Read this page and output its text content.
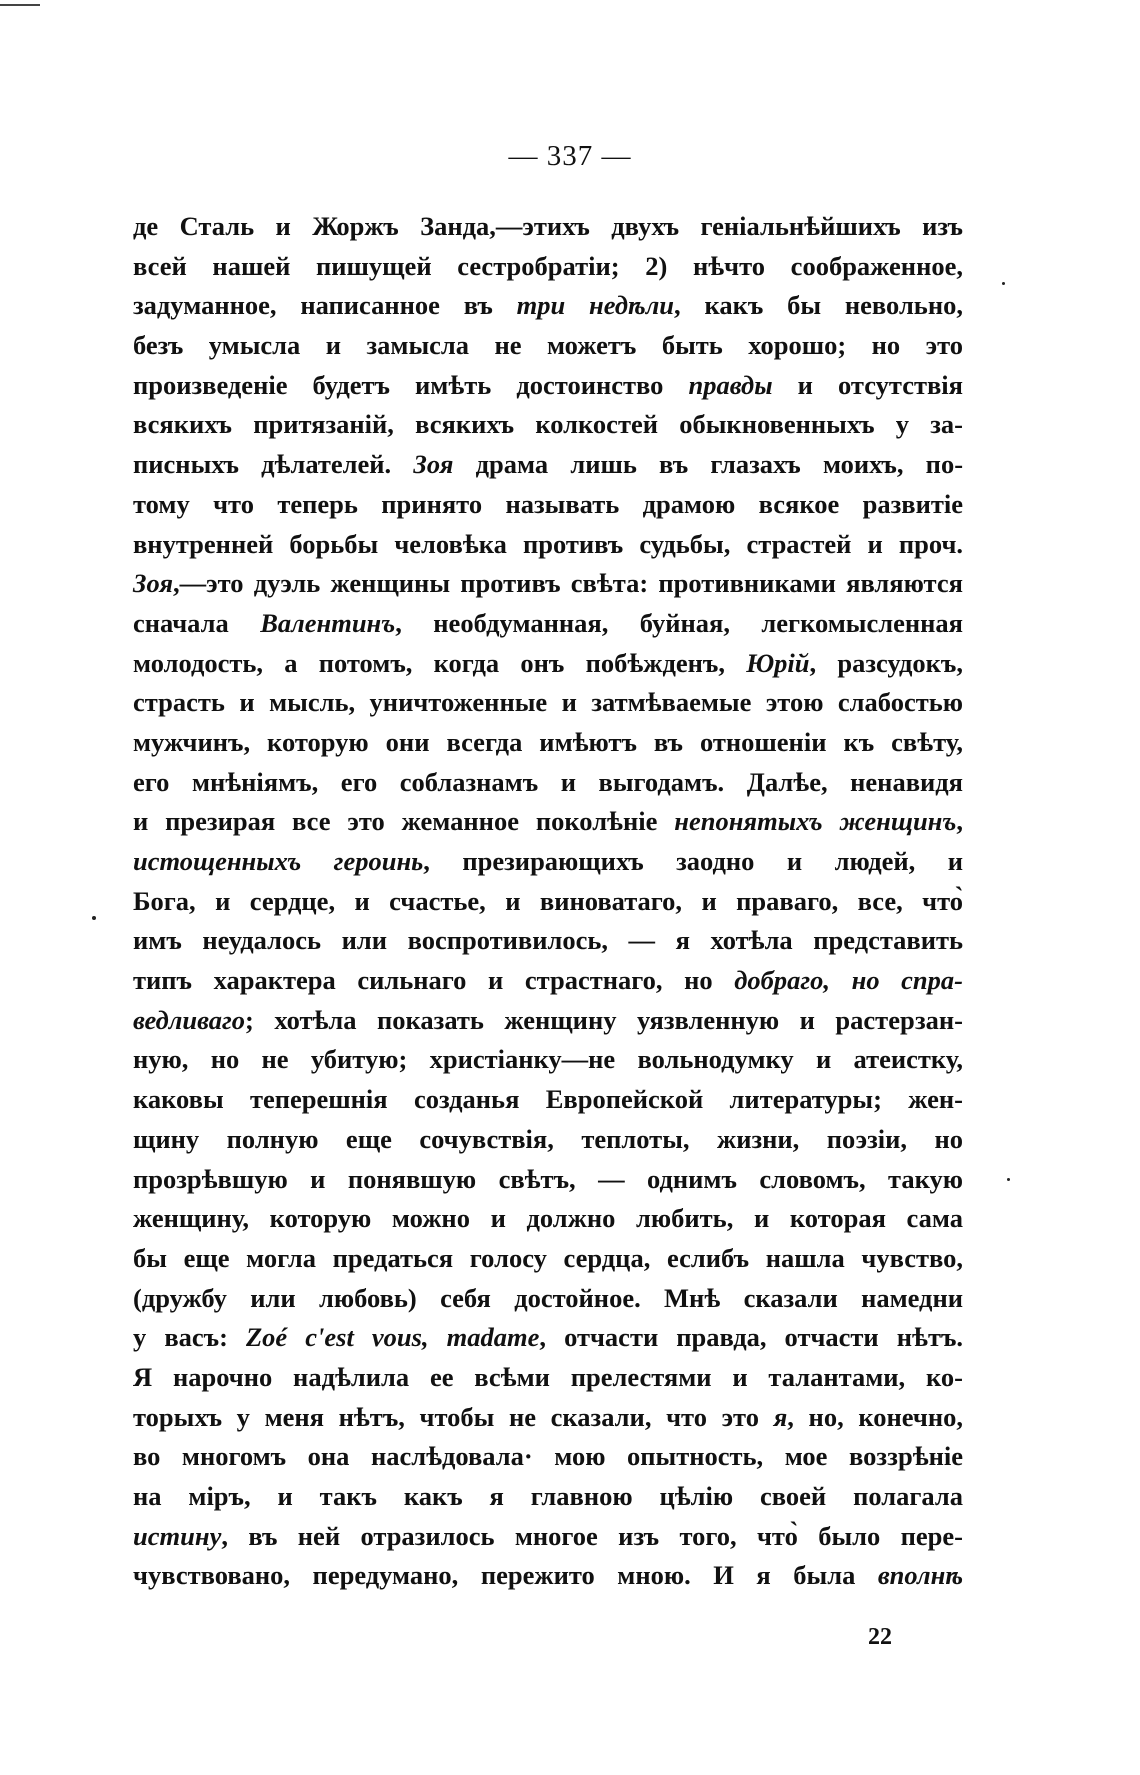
— 337 —
де Сталь и Жоржъ Занда,—этихъ двухъ геніальнѣйшихъ изъ
всей нашей пишущей сестробратіи; 2) нѣчто соображенное,
задуманное, написанное въ три недѣли, какъ бы невольно,
безъ умысла и замысла не можетъ быть хорошо; но это
произведеніе будетъ имѣть достоинство правды и отсутствія
всякихъ притязаній, всякихъ колкостей обыкновенныхъ у за-
писныхъ дѣлателей. Зоя драма лишь въ глазахъ моихъ, по-
тому что теперь принято называть драмою всякое развитіе
внутренней борьбы человѣка противъ судьбы, страстей и проч.
Зоя,—это дуэль женщины противъ свѣта: противниками являются
сначала Валентинъ, необдуманная, буйная, легкомысленная
молодость, а потомъ, когда онъ побѣжденъ, Юрій, разсудокъ,
страсть и мысль, уничтоженные и затмѣваемые этою слабостью
мужчинъ, которую они всегда имѣютъ въ отношеніи къ свѣту,
его мнѣніямъ, его соблазнамъ и выгодамъ. Далѣе, ненавидя
и презирая все это жеманное поколѣніе непонятыхъ женщинъ,
истощенныхъ героинь, презирающихъ заодно и людей, и
Бога, и сердце, и счастье, и виноватаго, и праваго, все, что̀
имъ неудалось или воспротивилось, — я хотѣла представить
типъ характера сильнаго и страстнаго, но добраго, но спра-
ведливаго; хотѣла показать женщину уязвленную и растерзан-
ную, но не убитую; христіанку—не вольнодумку и атеистку,
каковы теперешнія созданья Европейской литературы; жен-
щину полную еще сочувствія, теплоты, жизни, поэзіи, но
прозрѣвшую и понявшую свѣтъ, — однимъ словомъ, такую
женщину, которую можно и должно любить, и которая сама
бы еще могла предаться голосу сердца, еслибъ нашла чувство,
(дружбу или любовь) себя достойное. Мнѣ сказали намедни
у васъ: Zoé c'est vous, madame, отчасти правда, отчасти нѣтъ.
Я нарочно надѣлила ее всѣми прелестями и талантами, ко-
торыхъ у меня нѣтъ, чтобы не сказали, что это я, но, конечно,
во многомъ она наслѣдовала· мою опытность, мое воззрѣніе
на міръ, и такъ какъ я главною цѣлію своей полагала
истину, въ ней отразилось многое изъ того, что̀ было пере-
чувствовано, передумано, пережито мною. И я была вполнѣ
22
